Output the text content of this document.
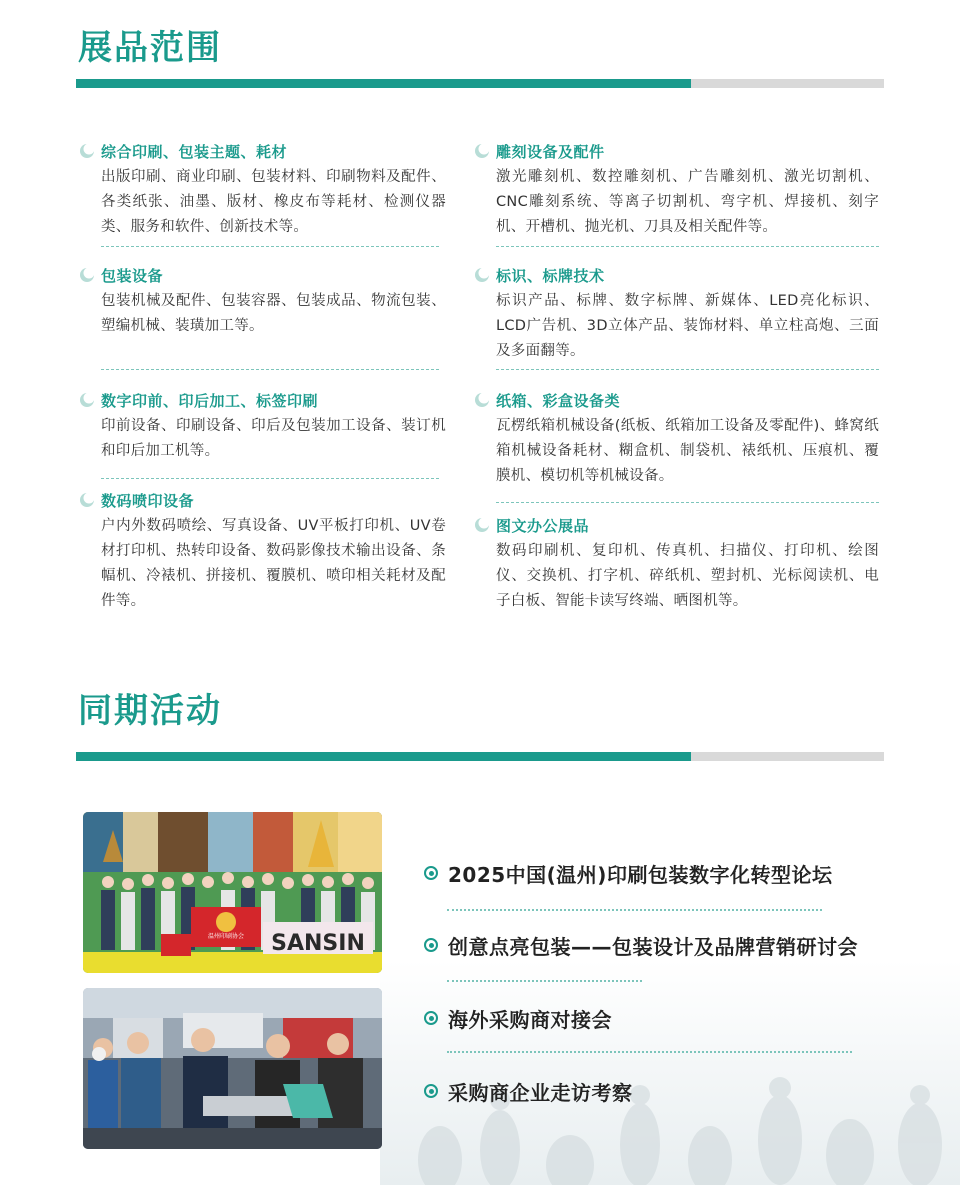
展品范围
综合印刷、包装主题、耗材
出版印刷、商业印刷、包装材料、印刷物料及配件、各类纸张、油墨、版材、橡皮布等耗材、检测仪器类、服务和软件、创新技术等。
包装设备
包装机械及配件、包装容器、包装成品、物流包装、塑编机械、装璜加工等。
数字印前、印后加工、标签印刷
印前设备、印刷设备、印后及包装加工设备、装订机和印后加工机等。
数码喷印设备
户内外数码喷绘、写真设备、UV平板打印机、UV卷材打印机、热转印设备、数码影像技术输出设备、条幅机、冷裱机、拼接机、覆膜机、喷印相关耗材及配件等。
雕刻设备及配件
激光雕刻机、数控雕刻机、广告雕刻机、激光切割机、CNC雕刻系统、等离子切割机、弯字机、焊接机、刻字机、开槽机、抛光机、刀具及相关配件等。
标识、标牌技术
标识产品、标牌、数字标牌、新媒体、LED亮化标识、LCD广告机、3D立体产品、装饰材料、单立柱高炮、三面及多面翻等。
纸箱、彩盒设备类
瓦楞纸箱机械设备(纸板、纸箱加工设备及零配件)、蜂窝纸箱机械设备耗材、糊盒机、制袋机、裱纸机、压痕机、覆膜机、模切机等机械设备。
图文办公展品
数码印刷机、复印机、传真机、扫描仪、打印机、绘图仪、交换机、打字机、碎纸机、塑封机、光标阅读机、电子白板、智能卡读写终端、晒图机等。
同期活动
温州印刷协会 SANSIN
2025中国(温州)印刷包装数字化转型论坛
创意点亮包装——包装设计及品牌营销研讨会
海外采购商对接会
采购商企业走访考察
